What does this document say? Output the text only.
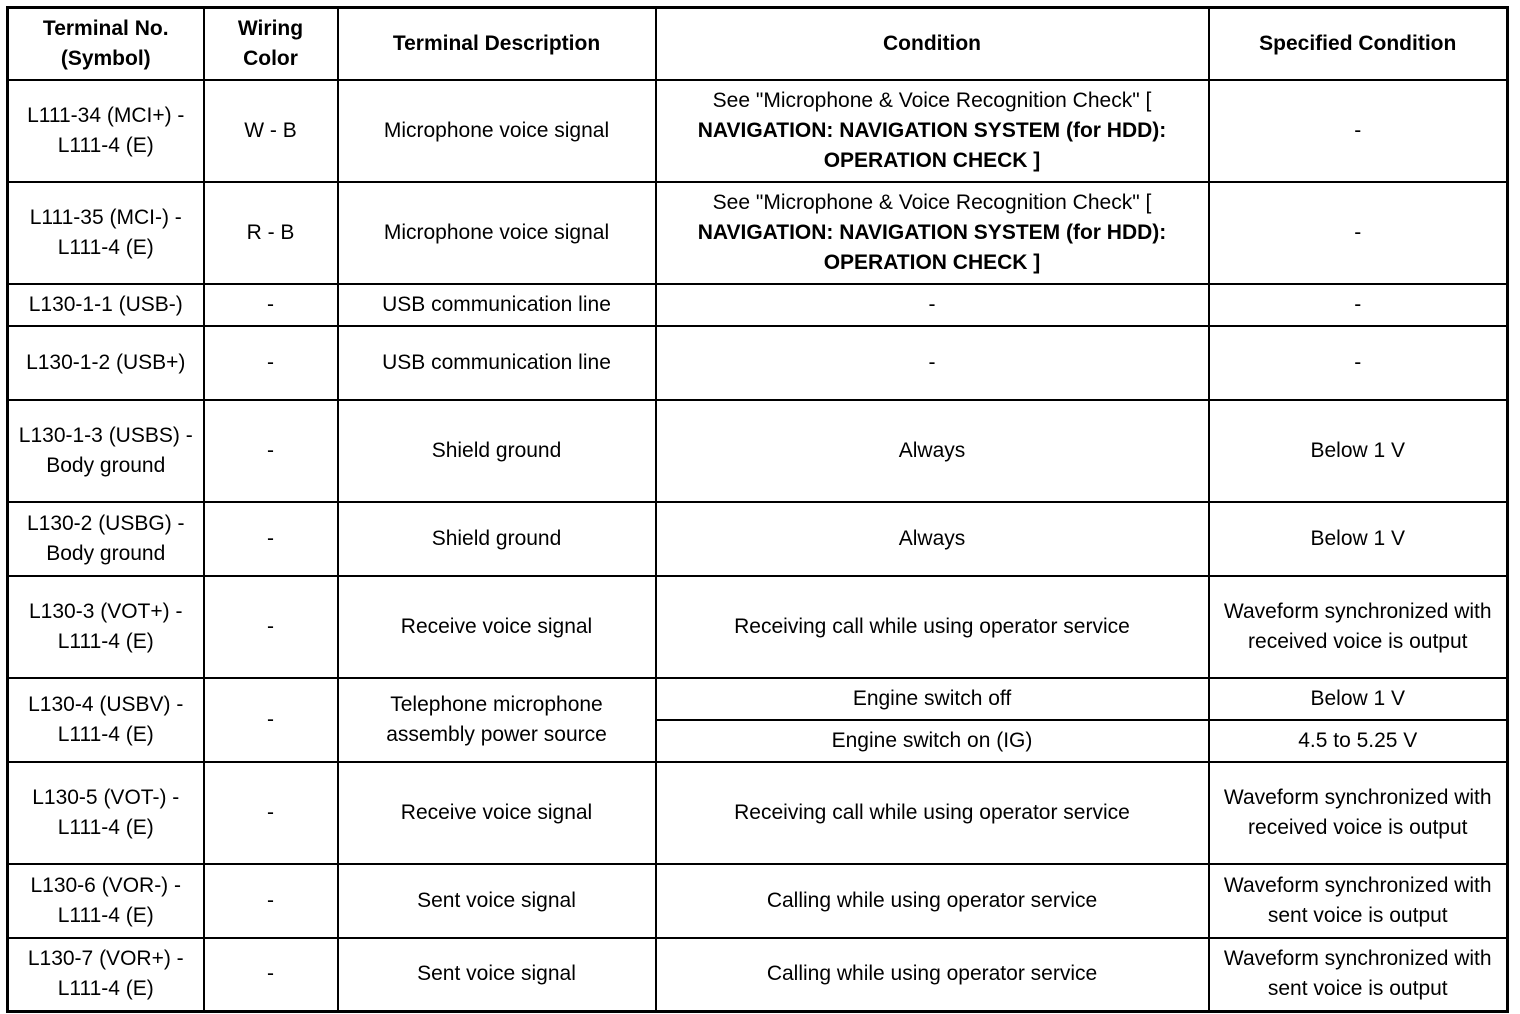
Terminal No. (Symbol)	Wiring Color	Terminal Description	Condition	Specified Condition
L111-34 (MCI+) - L111-4 (E)	W - B	Microphone voice signal	See "Microphone & Voice Recognition Check" [ NAVIGATION: NAVIGATION SYSTEM (for HDD): OPERATION CHECK ]	-
L111-35 (MCI-) - L111-4 (E)	R - B	Microphone voice signal	See "Microphone & Voice Recognition Check" [ NAVIGATION: NAVIGATION SYSTEM (for HDD): OPERATION CHECK ]	-
L130-1-1 (USB-)	-	USB communication line	-	-
L130-1-2 (USB+)	-	USB communication line	-	-
L130-1-3 (USBS) - Body ground	-	Shield ground	Always	Below 1 V
L130-2 (USBG) - Body ground	-	Shield ground	Always	Below 1 V
L130-3 (VOT+) - L111-4 (E)	-	Receive voice signal	Receiving call while using operator service	Waveform synchronized with received voice is output
L130-4 (USBV) - L111-4 (E)	-	Telephone microphone assembly power source	Engine switch off	Below 1 V
			Engine switch on (IG)	4.5 to 5.25 V
L130-5 (VOT-) - L111-4 (E)	-	Receive voice signal	Receiving call while using operator service	Waveform synchronized with received voice is output
L130-6 (VOR-) - L111-4 (E)	-	Sent voice signal	Calling while using operator service	Waveform synchronized with sent voice is output
L130-7 (VOR+) - L111-4 (E)	-	Sent voice signal	Calling while using operator service	Waveform synchronized with sent voice is output
